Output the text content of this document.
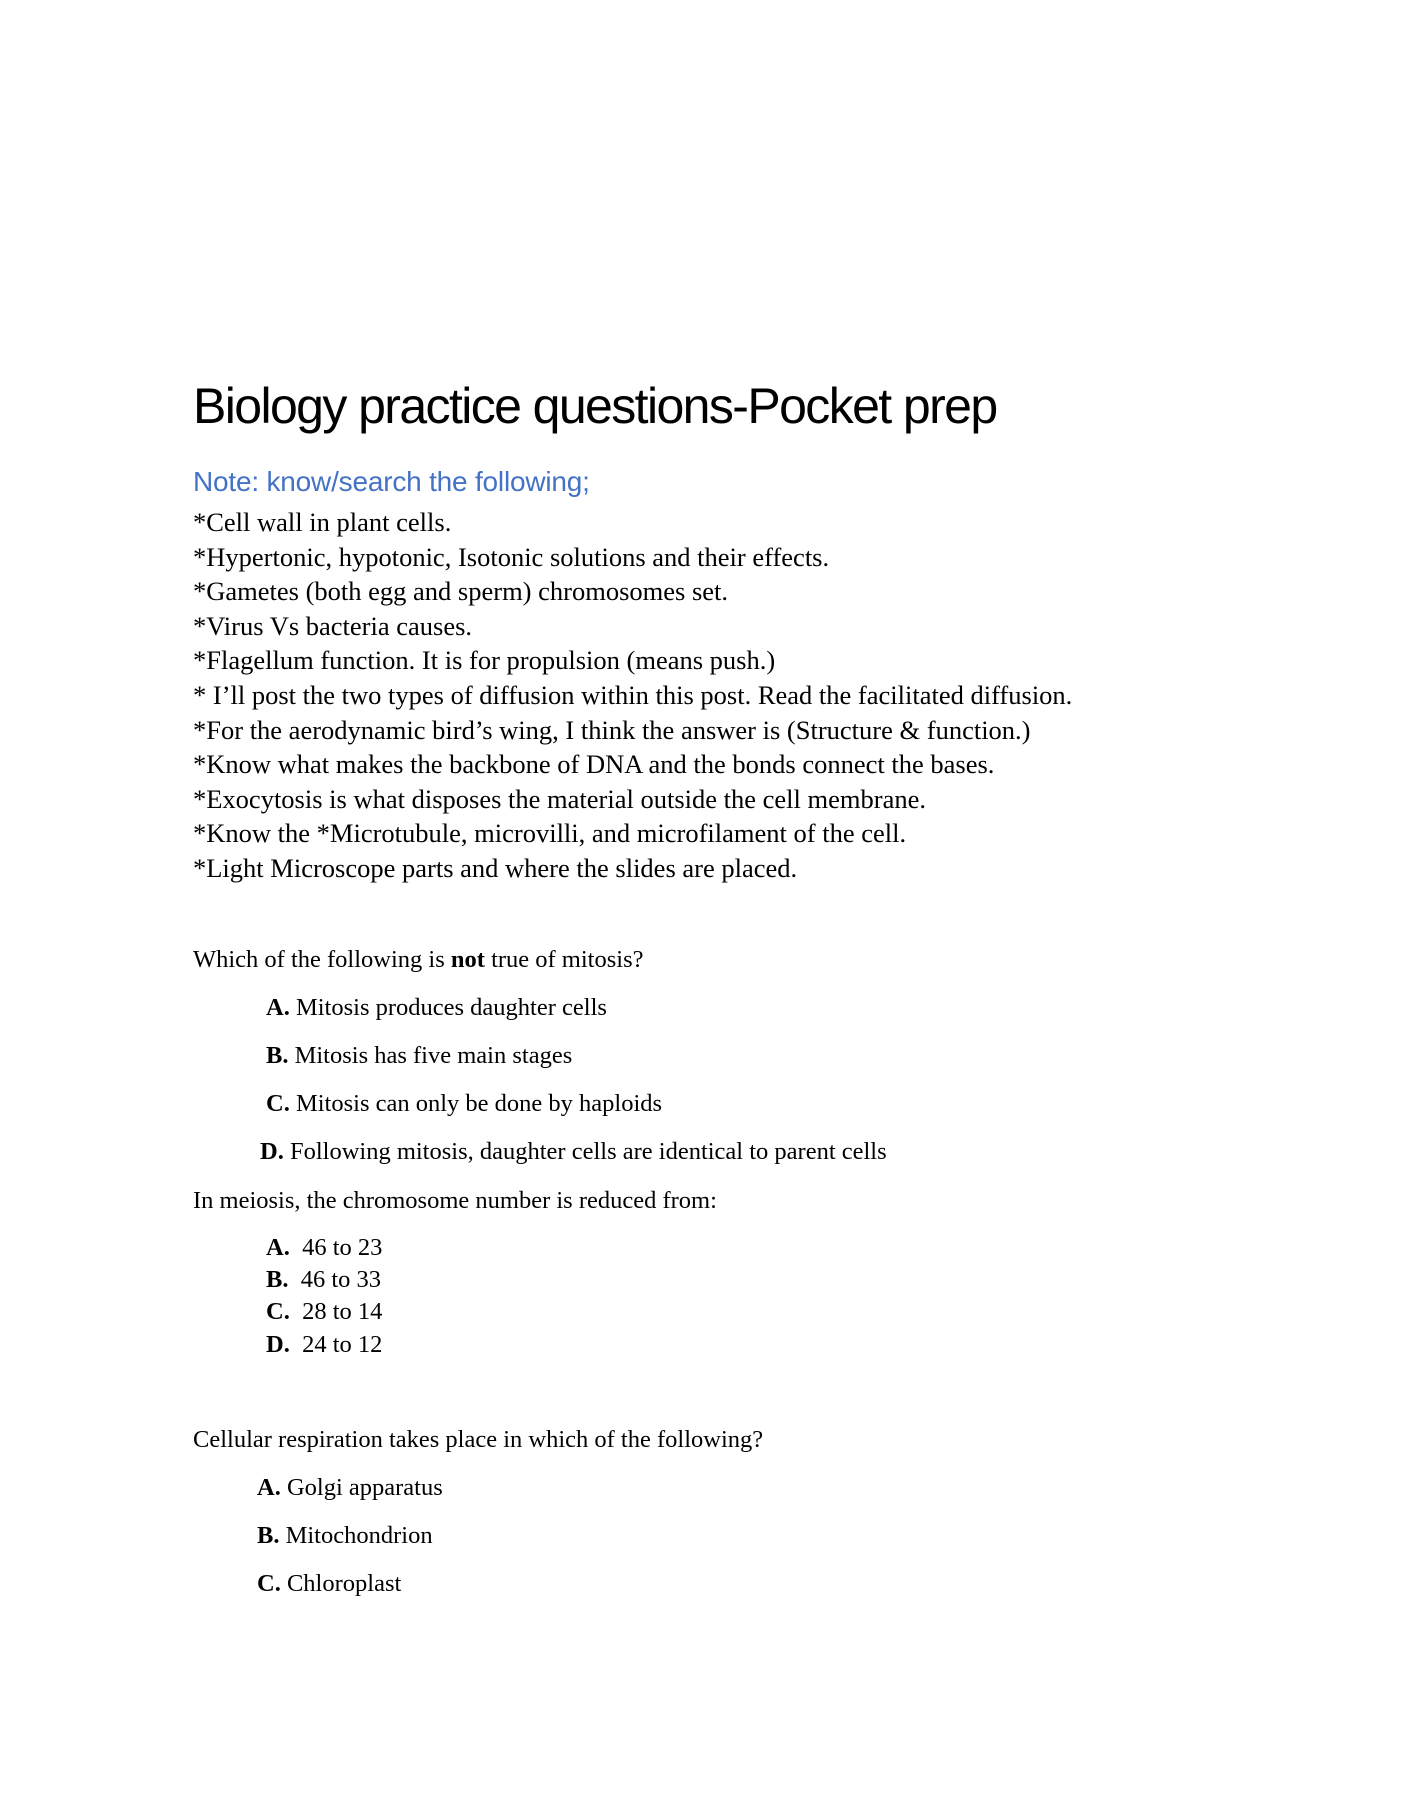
Biology practice questions-Pocket prep
Note: know/search the following;
*Cell wall in plant cells.
*Hypertonic, hypotonic, Isotonic solutions and their effects.
*Gametes (both egg and sperm) chromosomes set.
*Virus Vs bacteria causes.
*Flagellum function. It is for propulsion (means push.)
* I’ll post the two types of diffusion within this post. Read the facilitated diffusion.
*For the aerodynamic bird’s wing, I think the answer is (Structure & function.)
*Know what makes the backbone of DNA and the bonds connect the bases.
*Exocytosis is what disposes the material outside the cell membrane.
*Know the *Microtubule, microvilli, and microfilament of the cell.
*Light Microscope parts and where the slides are placed.
Which of the following is not true of mitosis?
A. Mitosis produces daughter cells
B. Mitosis has five main stages
C. Mitosis can only be done by haploids
D. Following mitosis, daughter cells are identical to parent cells
In meiosis, the chromosome number is reduced from:
A. 46 to 23
B. 46 to 33
C. 28 to 14
D. 24 to 12
Cellular respiration takes place in which of the following?
A. Golgi apparatus
B. Mitochondrion
C. Chloroplast
